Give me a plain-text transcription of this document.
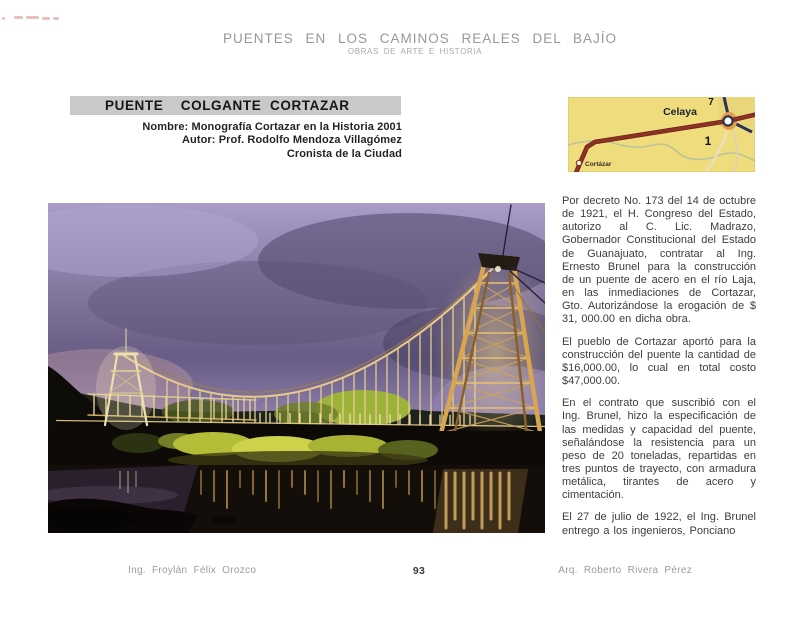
PUENTES EN LOS CAMINOS REALES DEL BAJÍO
OBRAS DE ARTE E HISTORIA
PUENTE    COLGANTE  CORTAZAR
Nombre: Monografía Cortazar en la Historia 2001
Autor: Prof. Rodolfo Mendoza Villagómez
Cronista de la Ciudad
Celaya
1
7
Cortázar

Por decreto No. 173 del 14 de octubre de 1921, el H. Congreso del Estado, autorizo al C. Lic. Madrazo, Gobernador Constitucional del Estado de Guanajuato, contratar al Ing. Ernesto Brunel para la construcción de un puente de acero en el río Laja, en las inmediaciones de Cortazar, Gto. Autorizándose la erogación de $ 31, 000.00 en dicha obra.

El pueblo de Cortazar aportó para la construcción del puente la cantidad de $16,000.00, lo cual en total costo $47,000.00.

En el contrato que suscribió con el Ing. Brunel, hizo la especificación de las medidas y capacidad del puente, señalándose la resistencia para un peso de 20 toneladas, repartidas en tres puntos de trayecto, con armadura metálica, tirantes de acero y cimentación.

El 27 de julio de 1922, el Ing. Brunel entrego a los ingenieros, Ponciano

Ing. Froylán Félix Orozco	93	Arq. Roberto Rivera Pérez
